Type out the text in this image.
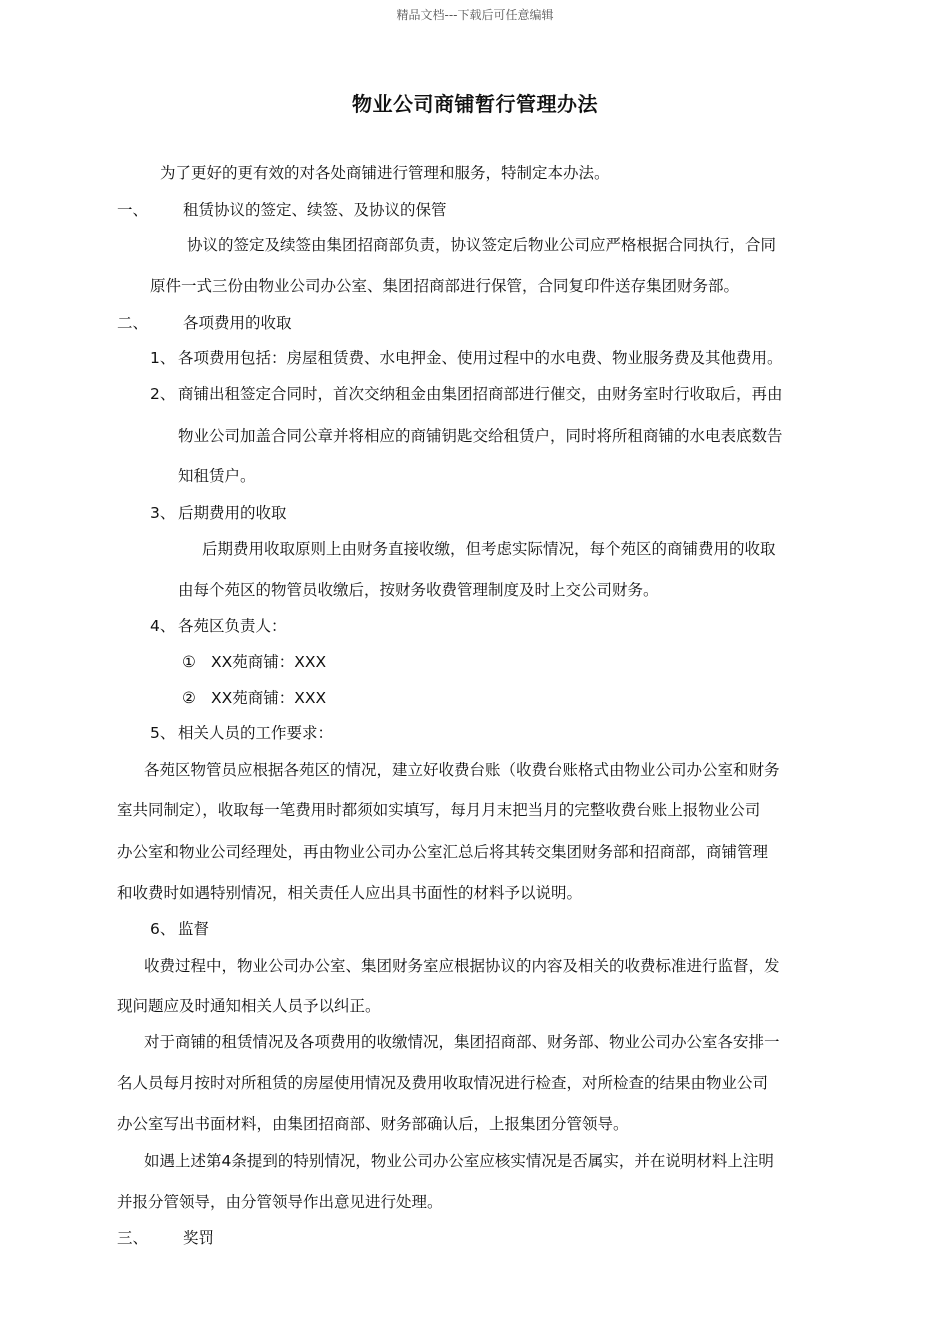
精品文档---下载后可任意编辑
物业公司商铺暂行管理办法
为了更好的更有效的对各处商铺进行管理和服务，特制定本办法。
一、 租赁协议的签定、续签、及协议的保管
协议的签定及续签由集团招商部负责，协议签定后物业公司应严格根据合同执行，合同
原件一式三份由物业公司办公室、集团招商部进行保管，合同复印件送存集团财务部。
二、 各项费用的收取
1、 各项费用包括：房屋租赁费、水电押金、使用过程中的水电费、物业服务费及其他费用。
2、 商铺出租签定合同时，首次交纳租金由集团招商部进行催交，由财务室时行收取后，再由
物业公司加盖合同公章并将相应的商铺钥匙交给租赁户，同时将所租商铺的水电表底数告
知租赁户。
3、 后期费用的收取
后期费用收取原则上由财务直接收缴，但考虑实际情况，每个苑区的商铺费用的收取
由每个苑区的物管员收缴后，按财务收费管理制度及时上交公司财务。
4、 各苑区负责人：
① XX苑商铺：XXX
② XX苑商铺：XXX
5、 相关人员的工作要求：
各苑区物管员应根据各苑区的情况，建立好收费台账（收费台账格式由物业公司办公室和财务
室共同制定），收取每一笔费用时都须如实填写，每月月末把当月的完整收费台账上报物业公司
办公室和物业公司经理处，再由物业公司办公室汇总后将其转交集团财务部和招商部，商铺管理
和收费时如遇特别情况，相关责任人应出具书面性的材料予以说明。
6、 监督
收费过程中，物业公司办公室、集团财务室应根据协议的内容及相关的收费标准进行监督，发
现问题应及时通知相关人员予以纠正。
对于商铺的租赁情况及各项费用的收缴情况，集团招商部、财务部、物业公司办公室各安排一
名人员每月按时对所租赁的房屋使用情况及费用收取情况进行检查，对所检查的结果由物业公司
办公室写出书面材料，由集团招商部、财务部确认后，上报集团分管领导。
如遇上述第4条提到的特别情况，物业公司办公室应核实情况是否属实，并在说明材料上注明
并报分管领导，由分管领导作出意见进行处理。
三、 奖罚
